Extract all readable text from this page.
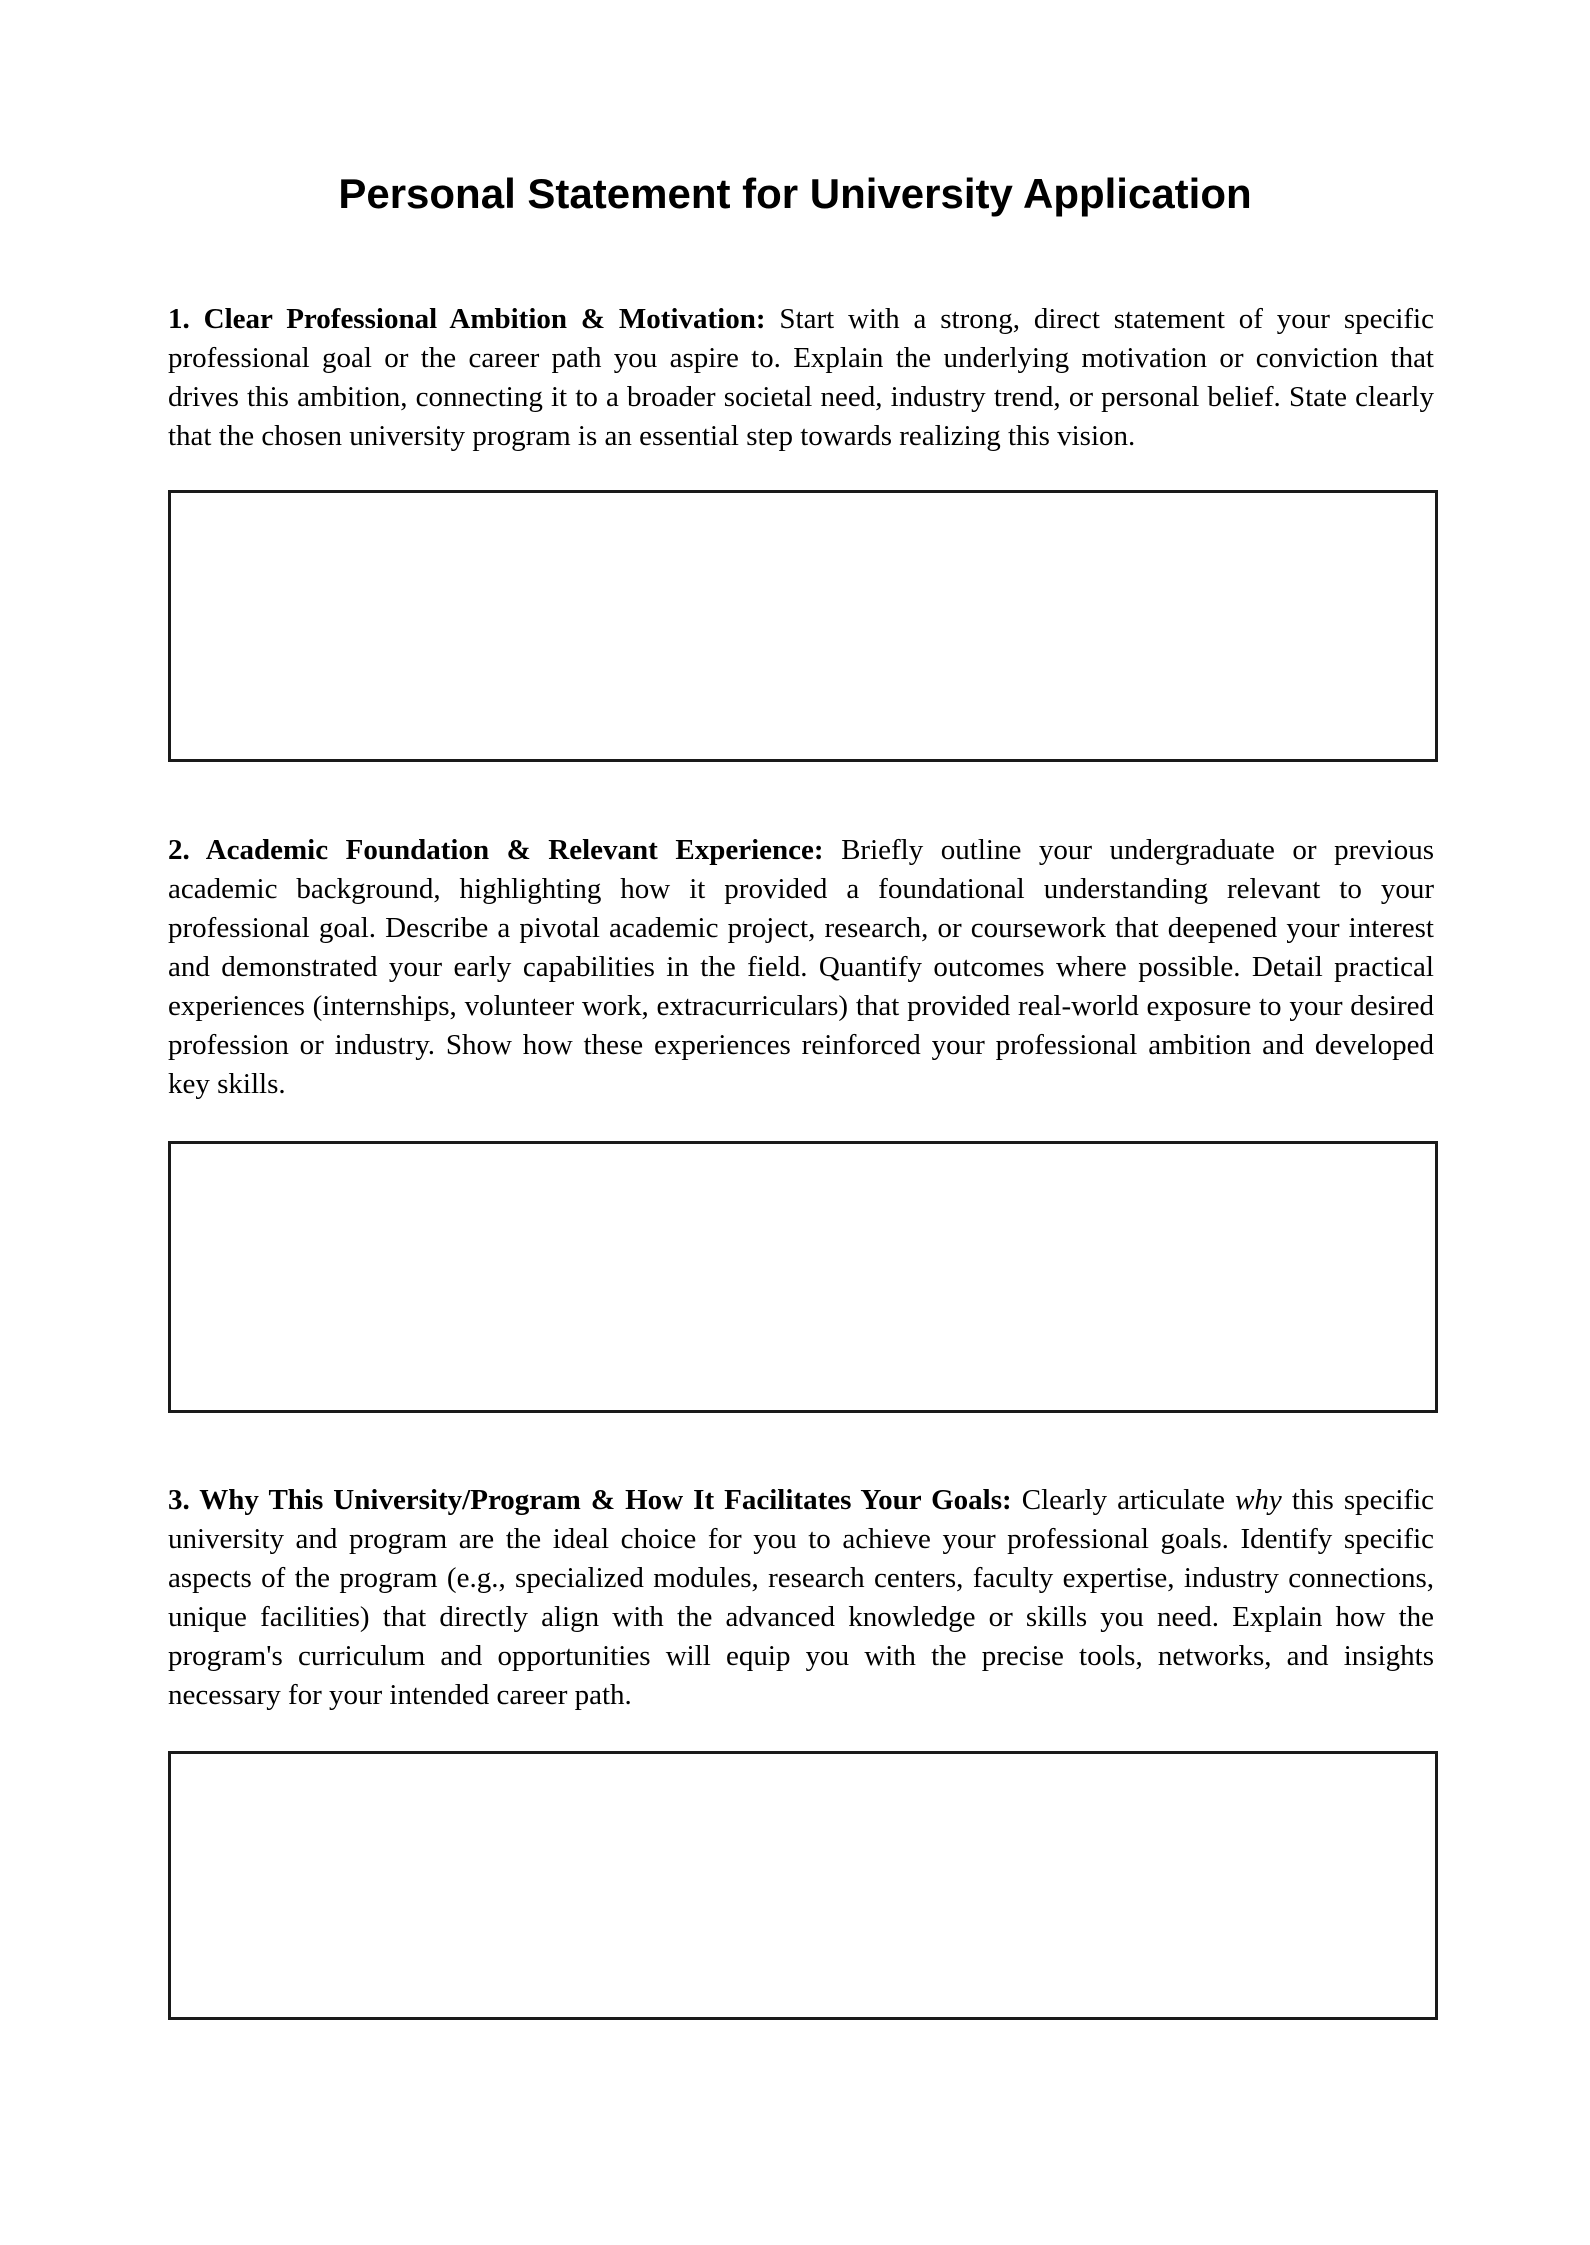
Personal Statement for University Application

1. Clear Professional Ambition & Motivation: Start with a strong, direct statement of your specific professional goal or the career path you aspire to. Explain the underlying motivation or conviction that drives this ambition, connecting it to a broader societal need, industry trend, or personal belief. State clearly that the chosen university program is an essential step towards realizing this vision.

2. Academic Foundation & Relevant Experience: Briefly outline your undergraduate or previous academic background, highlighting how it provided a foundational understanding relevant to your professional goal. Describe a pivotal academic project, research, or coursework that deepened your interest and demonstrated your early capabilities in the field. Quantify outcomes where possible. Detail practical experiences (internships, volunteer work, extracurriculars) that provided real-world exposure to your desired profession or industry. Show how these experiences reinforced your professional ambition and developed key skills.

3. Why This University/Program & How It Facilitates Your Goals: Clearly articulate why this specific university and program are the ideal choice for you to achieve your professional goals. Identify specific aspects of the program (e.g., specialized modules, research centers, faculty expertise, industry connections, unique facilities) that directly align with the advanced knowledge or skills you need. Explain how the program's curriculum and opportunities will equip you with the precise tools, networks, and insights necessary for your intended career path.
